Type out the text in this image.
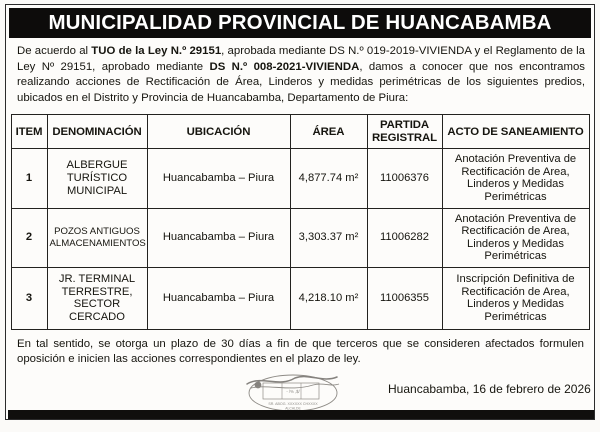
MUNICIPALIDAD PROVINCIAL DE HUANCABAMBA

De acuerdo al TUO de la Ley N.º 29151, aprobada mediante DS N.º 019-2019-VIVIENDA y el Reglamento de la Ley Nº 29151, aprobado mediante DS N.º 008-2021-VIVIENDA, damos a conocer que nos encontramos realizando acciones de Rectificación de Área, Linderos y medidas perimétricas de los siguientes predios, ubicados en el Distrito y Provincia de Huancabamba, Departamento de Piura:

ITEM	DENOMINACIÓN	UBICACIÓN	ÁREA	PARTIDA REGISTRAL	ACTO DE SANEAMIENTO
1	ALBERGUE TURÍSTICO MUNICIPAL	Huancabamba – Piura	4,877.74 m²	11006376	Anotación Preventiva de Rectificación de Area, Linderos y Medidas Perimétricas
2	POZOS ANTIGUOS ALMACENAMIENTOS	Huancabamba – Piura	3,303.37 m²	11006282	Anotación Preventiva de Rectificación de Area, Linderos y Medidas Perimétricas
3	JR. TERMINAL TERRESTRE, SECTOR CERCADO	Huancabamba – Piura	4,218.10 m²	11006355	Inscripción Definitiva de Rectificación de Area, Linderos y Medidas Perimétricas

En tal sentido, se otorga un plazo de 30 días a fin de que terceros que se consideren afectados formulen oposición e inicien las acciones correspondientes en el plazo de ley.

- /% ,$/
SR. ABOG. XXXXXX CHXXXX
ALCALDE
Huancabamba, 16 de febrero de 2026
